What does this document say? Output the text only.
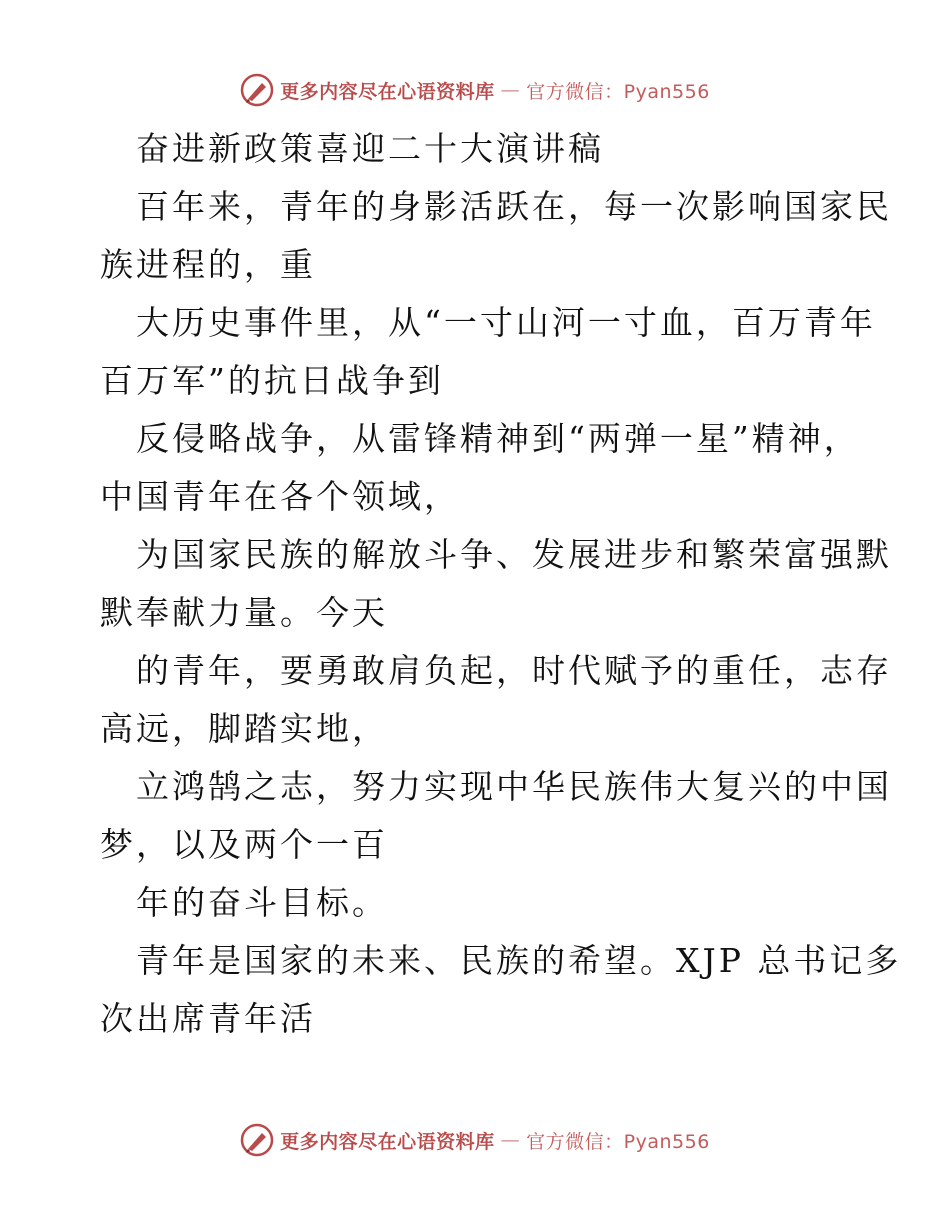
更多内容尽在心语资料库 — 官方微信：Pyan556
奋进新政策喜迎二十大演讲稿
百年来，青年的身影活跃在，每一次影响国家民
族进程的，重
大历史事件里，从“一寸山河一寸血，百万青年
百万军”的抗日战争到
反侵略战争，从雷锋精神到“两弹一星”精神，
中国青年在各个领域，
为国家民族的解放斗争、发展进步和繁荣富强默
默奉献力量。今天
的青年，要勇敢肩负起，时代赋予的重任，志存
高远，脚踏实地，
立鸿鹄之志，努力实现中华民族伟大复兴的中国
梦，以及两个一百
年的奋斗目标。
青年是国家的未来、民族的希望。XJP 总书记多
次出席青年活
更多内容尽在心语资料库 — 官方微信：Pyan556
